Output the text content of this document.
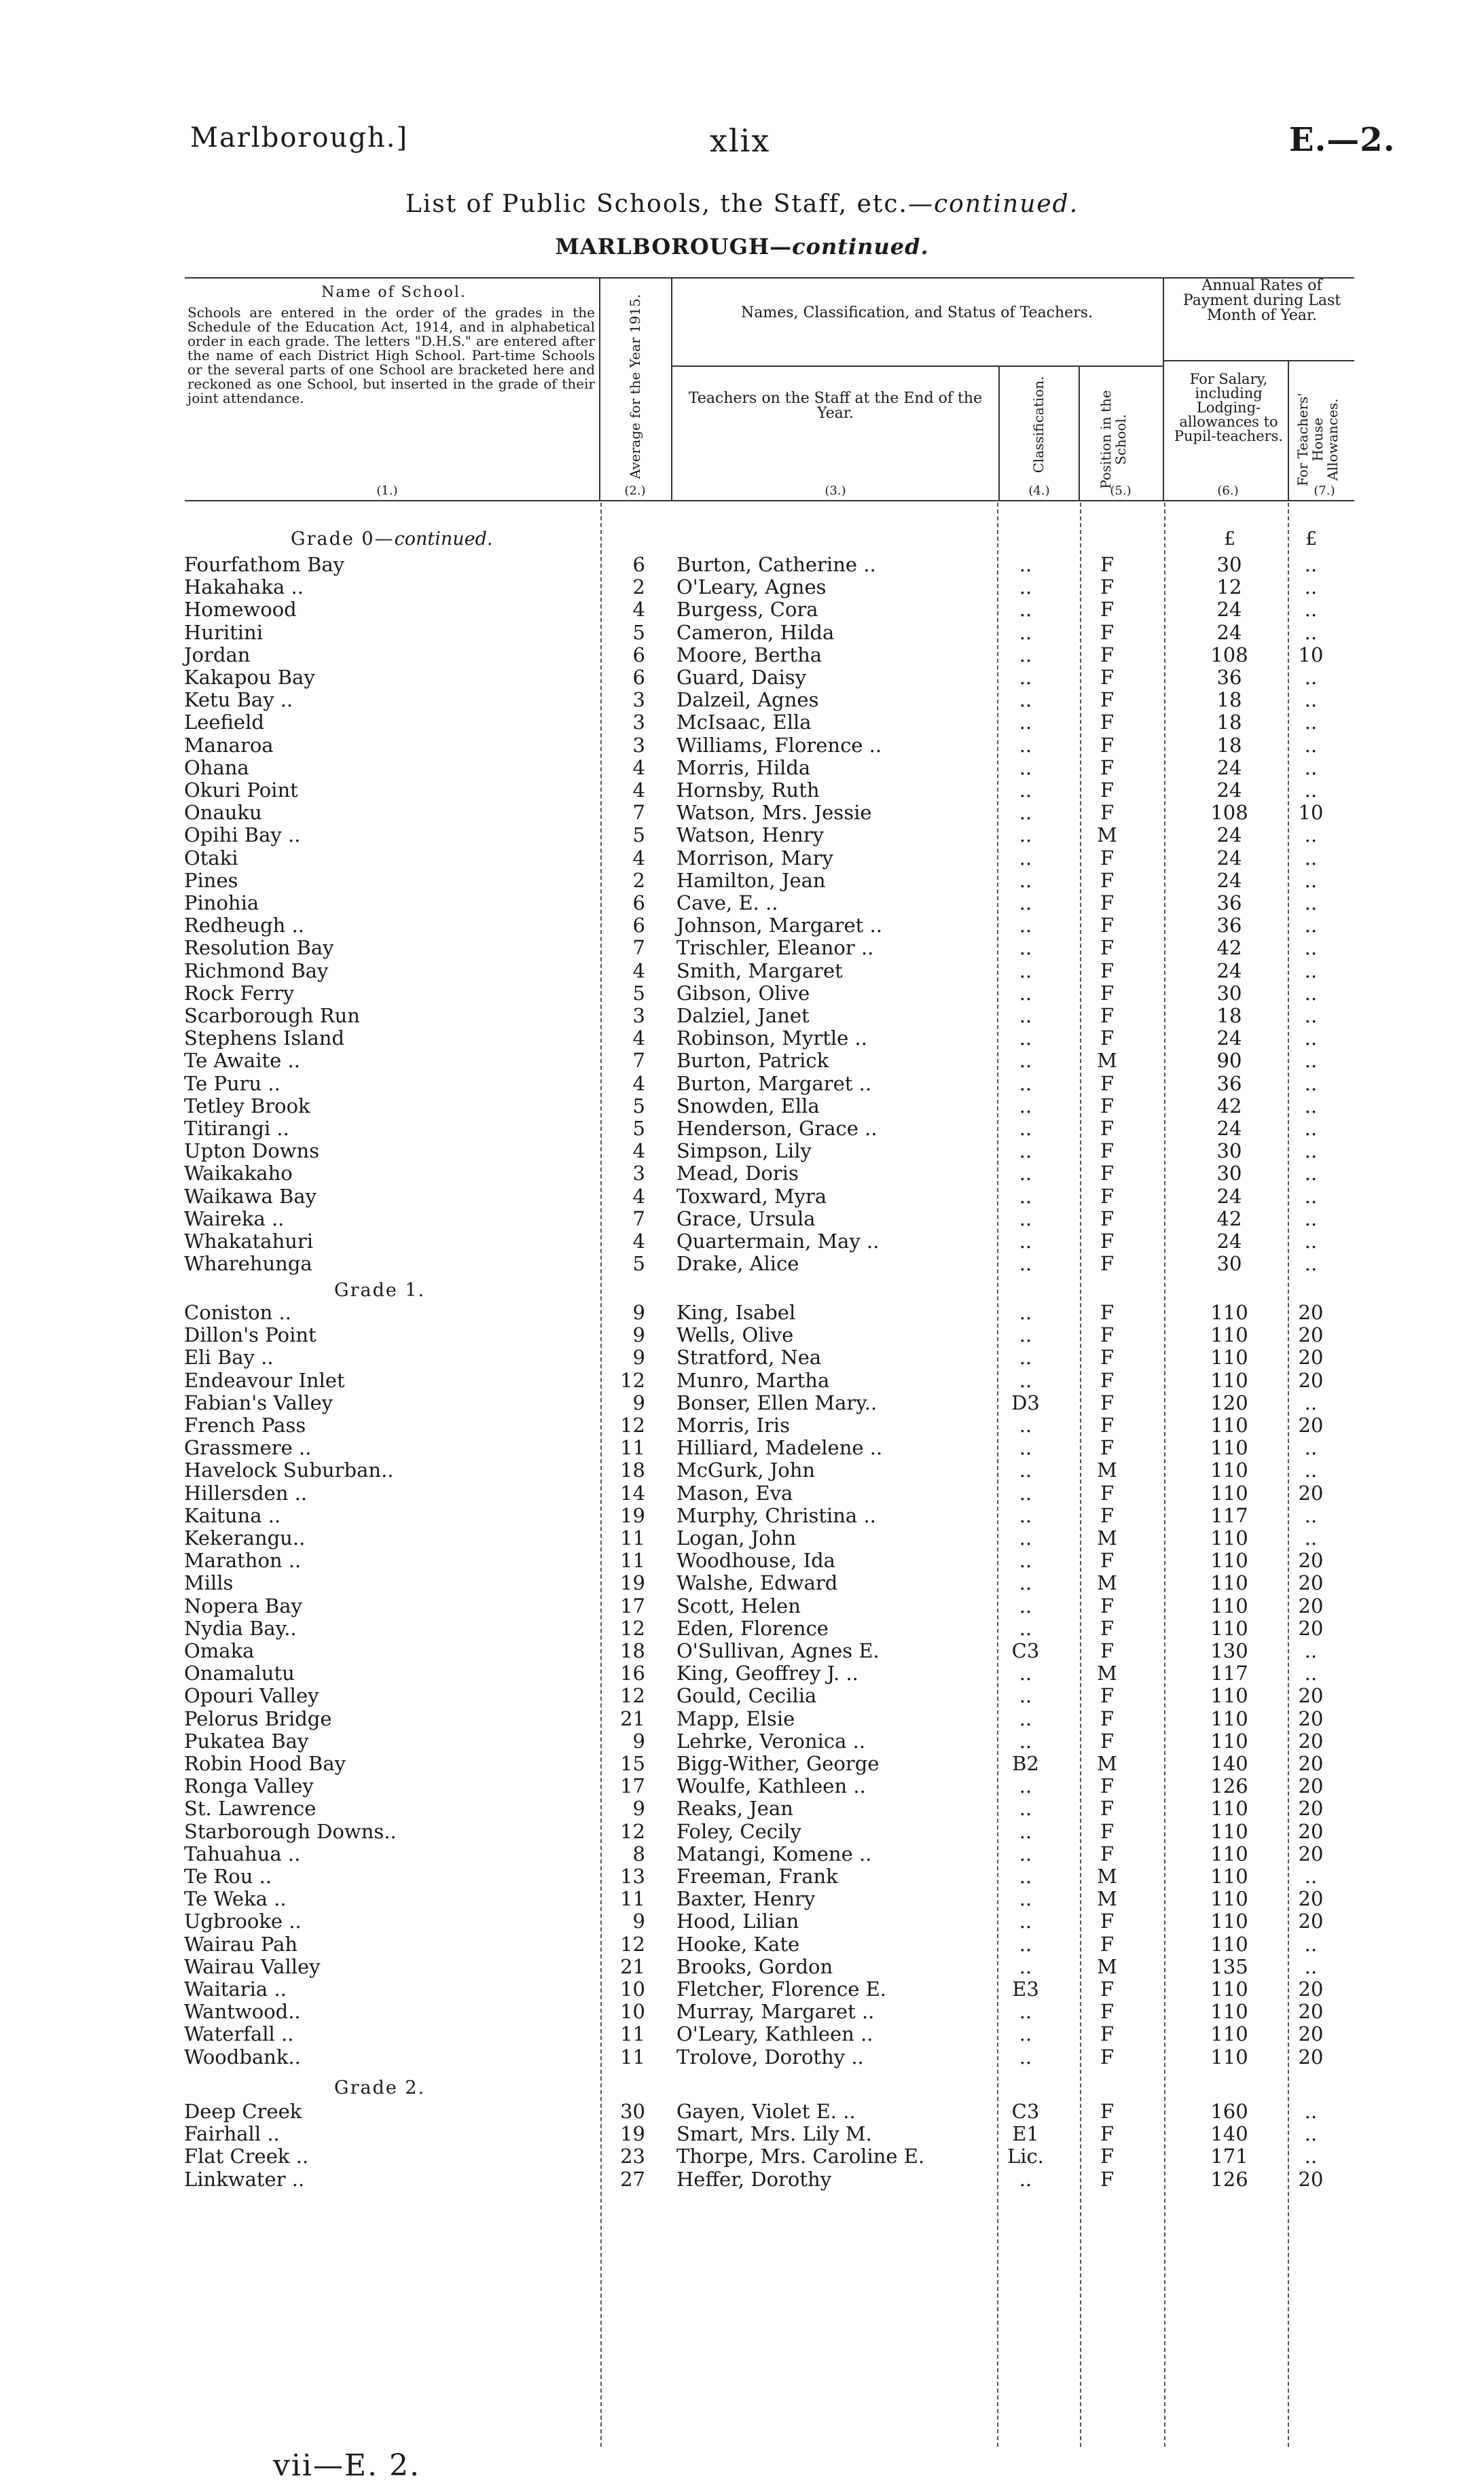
Marlborough.]	xlix	E.—2.
List of Public Schools, the Staff, etc.—continued.
MARLBOROUGH—continued.
Name of School.
Schools are entered in the order of the grades in the Schedule of the Education Act, 1914, and in alphabetical order in each grade. The letters "D.H.S." are entered after the name of each District High School. Part-time Schools or the several parts of one School are bracketed here and reckoned as one School, but inserted in the grade of their joint attendance.
(1.)
Average for the Year 1915.
(2.)
Names, Classification, and Status of Teachers.
Teachers on the Staff at the End of the Year.
(3.)
Classification.
(4.)
Position in the School.
(5.)
Annual Rates of Payment during Last Month of Year.
For Salary, including Lodging-allowances to Pupil-teachers.
(6.)
For Teachers' House Allowances.
(7.)
Grade 0—continued.	£	£
Fourfathom Bay	6 Burton, Catherine ..	..	F	30	..
Hakahaka ..	2 O'Leary, Agnes	..	F	12	..
Homewood	4 Burgess, Cora	..	F	24	..
Huritini	5 Cameron, Hilda	..	F	24	..
Jordan	6 Moore, Bertha	..	F	108	10
Kakapou Bay	6 Guard, Daisy	..	F	36	..
Ketu Bay ..	3 Dalzeil, Agnes	..	F	18	..
Leefield	3 McIsaac, Ella	..	F	18	..
Manaroa	3 Williams, Florence ..	..	F	18	..
Ohana	4 Morris, Hilda	..	F	24	..
Okuri Point	4 Hornsby, Ruth	..	F	24	..
Onauku	7 Watson, Mrs. Jessie	..	F	108	10
Opihi Bay ..	5 Watson, Henry	..	M	24	..
Otaki	4 Morrison, Mary	..	F	24	..
Pines	2 Hamilton, Jean	..	F	24	..
Pinohia	6 Cave, E. ..	..	F	36	..
Redheugh ..	6 Johnson, Margaret ..	..	F	36	..
Resolution Bay	7 Trischler, Eleanor ..	..	F	42	..
Richmond Bay	4 Smith, Margaret	..	F	24	..
Rock Ferry	5 Gibson, Olive	..	F	30	..
Scarborough Run	3 Dalziel, Janet	..	F	18	..
Stephens Island	4 Robinson, Myrtle ..	..	F	24	..
Te Awaite ..	7 Burton, Patrick	..	M	90	..
Te Puru ..	4 Burton, Margaret ..	..	F	36	..
Tetley Brook	5 Snowden, Ella	..	F	42	..
Titirangi ..	5 Henderson, Grace ..	..	F	24	..
Upton Downs	4 Simpson, Lily	..	F	30	..
Waikakaho	3 Mead, Doris	..	F	30	..
Waikawa Bay	4 Toxward, Myra	..	F	24	..
Waireka ..	7 Grace, Ursula	..	F	42	..
Whakatahuri	4 Quartermain, May ..	..	F	24	..
Wharehunga	5 Drake, Alice	..	F	30	..
Grade 1.
Coniston ..	9 King, Isabel	..	F	110	20
Dillon's Point	9 Wells, Olive	..	F	110	20
Eli Bay ..	9 Stratford, Nea	..	F	110	20
Endeavour Inlet	12 Munro, Martha	..	F	110	20
Fabian's Valley	9 Bonser, Ellen Mary..	D3	F	120	..
French Pass	12 Morris, Iris	..	F	110	20
Grassmere ..	11 Hilliard, Madelene ..	..	F	110	..
Havelock Suburban..	18 McGurk, John	..	M	110	..
Hillersden ..	14 Mason, Eva	..	F	110	20
Kaituna ..	19 Murphy, Christina ..	..	F	117	..
Kekerangu..	11 Logan, John	..	M	110	..
Marathon ..	11 Woodhouse, Ida	..	F	110	20
Mills	19 Walshe, Edward	..	M	110	20
Nopera Bay	17 Scott, Helen	..	F	110	20
Nydia Bay..	12 Eden, Florence	..	F	110	20
Omaka	18 O'Sullivan, Agnes E.	C3	F	130	..
Onamalutu	16 King, Geoffrey J. ..	..	M	117	..
Opouri Valley	12 Gould, Cecilia	..	F	110	20
Pelorus Bridge	21 Mapp, Elsie	..	F	110	20
Pukatea Bay	9 Lehrke, Veronica ..	..	F	110	20
Robin Hood Bay	15 Bigg-Wither, George	B2	M	140	20
Ronga Valley	17 Woulfe, Kathleen ..	..	F	126	20
St. Lawrence	9 Reaks, Jean	..	F	110	20
Starborough Downs..	12 Foley, Cecily	..	F	110	20
Tahuahua ..	8 Matangi, Komene ..	..	F	110	20
Te Rou ..	13 Freeman, Frank	..	M	110	..
Te Weka ..	11 Baxter, Henry	..	M	110	20
Ugbrooke ..	9 Hood, Lilian	..	F	110	20
Wairau Pah	12 Hooke, Kate	..	F	110	..
Wairau Valley	21 Brooks, Gordon	..	M	135	..
Waitaria ..	10 Fletcher, Florence E.	E3	F	110	20
Wantwood..	10 Murray, Margaret ..	..	F	110	20
Waterfall ..	11 O'Leary, Kathleen ..	..	F	110	20
Woodbank..	11 Trolove, Dorothy ..	..	F	110	20
Grade 2.
Deep Creek	30 Gayen, Violet E. ..	C3	F	160	..
Fairhall ..	19 Smart, Mrs. Lily M.	E1	F	140	..
Flat Creek ..	23 Thorpe, Mrs. Caroline E.	Lic.	F	171	..
Linkwater ..	27 Heffer, Dorothy	..	F	126	20
vii—E. 2.
